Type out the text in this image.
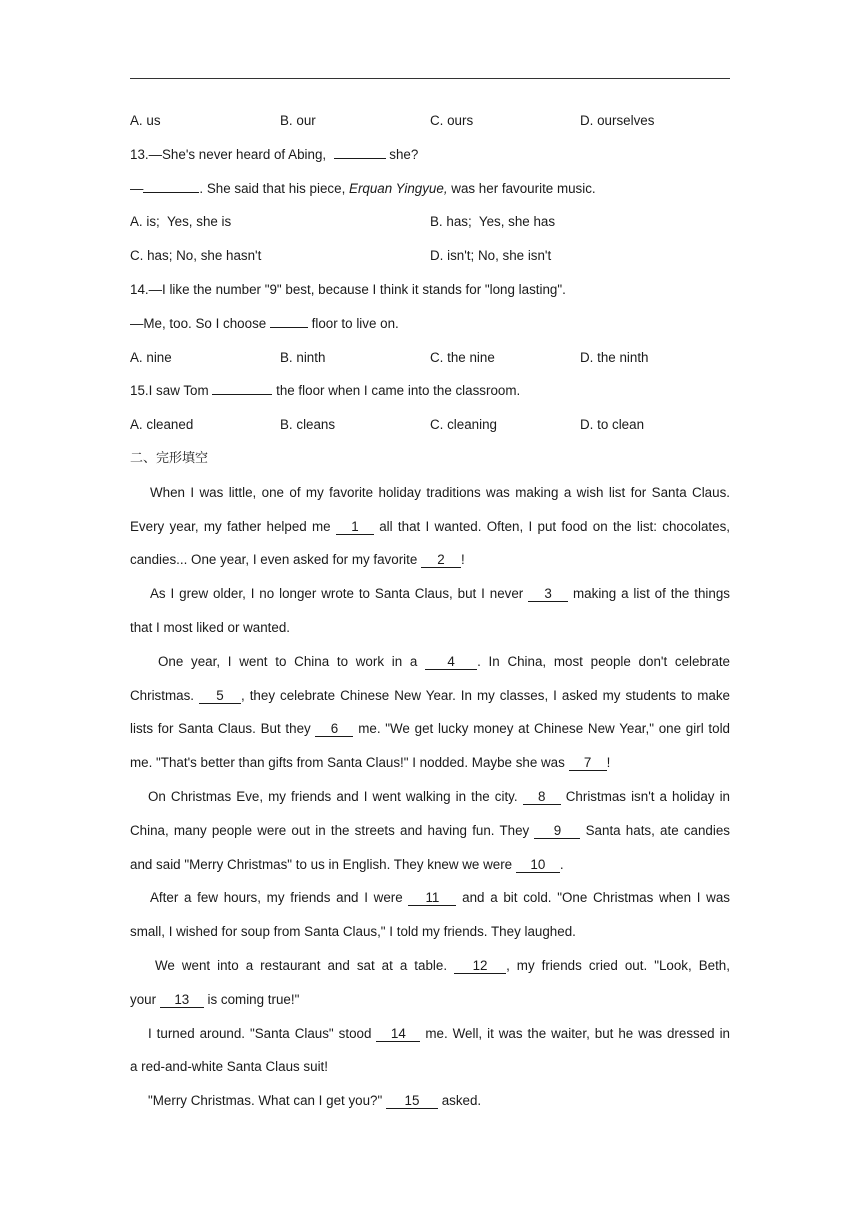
A. us	B. our	C. ours	D. ourselves
13.—She's never heard of Abing,	she?
—	. She said that his piece, Erquan Yingyue, was her favourite music.
A. is;  Yes, she is	B. has;  Yes, she has
C. has; No, she hasn't	D. isn't; No, she isn't
14.—I like the number "9" best, because I think it stands for "long lasting".
—Me, too. So I choose	floor to live on.
A. nine	B. ninth	C. the nine	D. the ninth
15.I saw Tom	the floor when I came into the classroom.
A. cleaned	B. cleans	C. cleaning	D. to clean
二、完形填空
When I was little, one of my favorite holiday traditions was making a wish list for Santa Claus.
Every year, my father helped me 1 all that I wanted. Often, I put food on the list: chocolates,
candies... One year, I even asked for my favorite 2 !
As I grew older, I no longer wrote to Santa Claus, but I never 3 making a list of the things
that I most liked or wanted.
One year, I went to China to work in a 4 . In China, most people don't celebrate
Christmas. 5 , they celebrate Chinese New Year. In my classes, I asked my students to make
lists for Santa Claus. But they 6 me. "We get lucky money at Chinese New Year," one girl told
me. "That's better than gifts from Santa Claus!" I nodded. Maybe she was 7 !
On Christmas Eve, my friends and I went walking in the city. 8 Christmas isn't a holiday in
China, many people were out in the streets and having fun. They 9 Santa hats, ate candies
and said "Merry Christmas" to us in English. They knew we were 10 .
After a few hours, my friends and I were 11 and a bit cold. "One Christmas when I was
small, I wished for soup from Santa Claus," I told my friends. They laughed.
We went into a restaurant and sat at a table. 12 , my friends cried out. "Look, Beth,
your 13 is coming true!"
I turned around. "Santa Claus" stood 14 me. Well, it was the waiter, but he was dressed in
a red-and-white Santa Claus suit!
"Merry Christmas. What can I get you?" 15 asked.
